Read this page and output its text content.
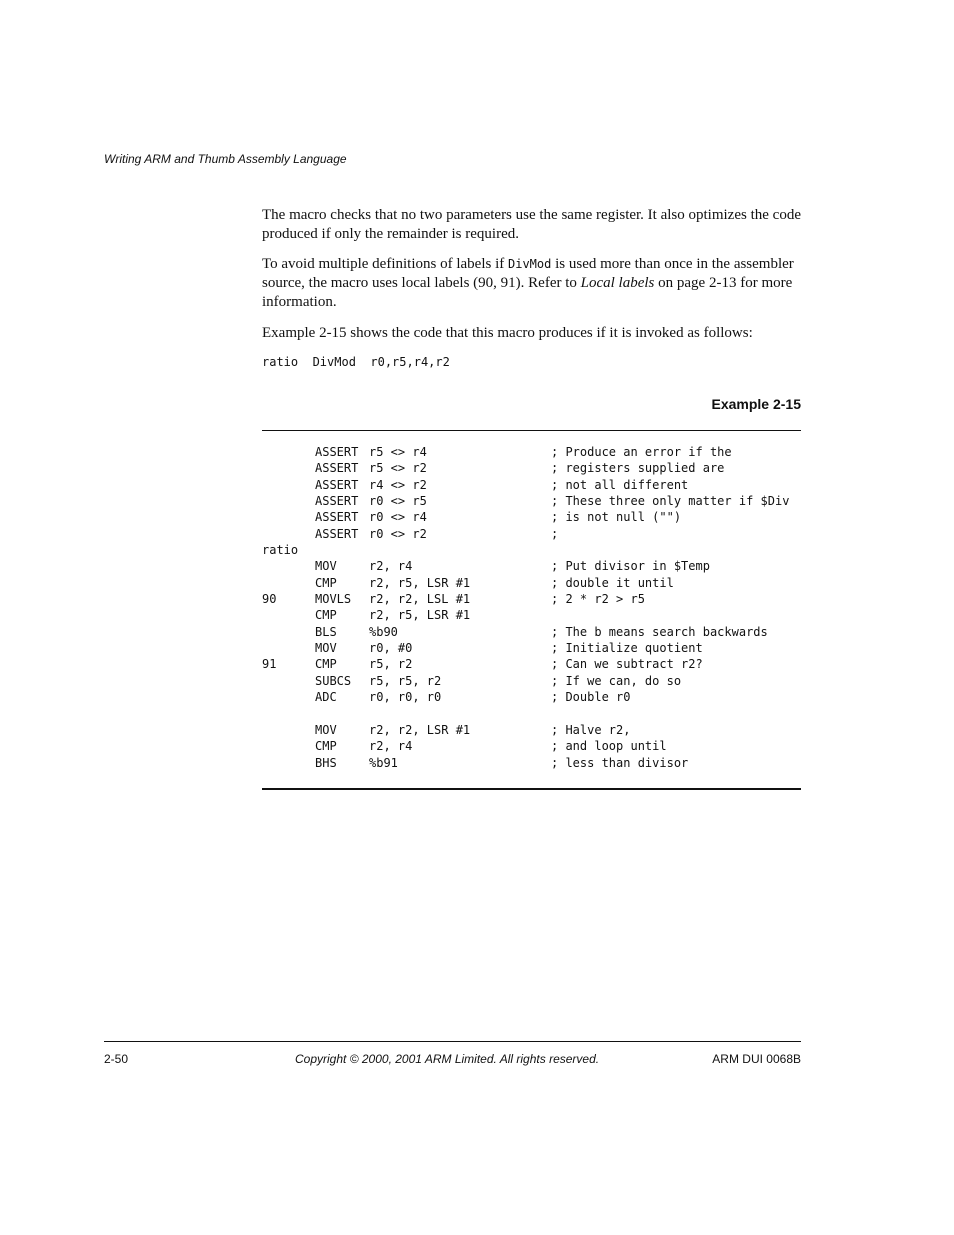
Writing ARM and Thumb Assembly Language
The macro checks that no two parameters use the same register. It also optimizes the code produced if only the remainder is required.
To avoid multiple definitions of labels if DivMod is used more than once in the assembler source, the macro uses local labels (90, 91). Refer to Local labels on page 2-13 for more information.
Example 2-15 shows the code that this macro produces if it is invoked as follows:
ratio  DivMod  r0,r5,r4,r2
Example 2-15
ASSERT r5 <> r4	; Produce an error if the
ASSERT r5 <> r2	; registers supplied are
ASSERT r4 <> r2	; not all different
ASSERT r0 <> r5	; These three only matter if $Div
ASSERT r0 <> r4	; is not null ("")
ASSERT r0 <> r2	;
ratio
MOV	r2, r4	; Put divisor in $Temp
CMP	r2, r5, LSR #1	; double it until
90	MOVLS r2, r2, LSL #1	; 2 * r2 > r5
CMP	r2, r5, LSR #1
BLS	%b90	; The b means search backwards
MOV	r0, #0	; Initialize quotient
91	CMP	r5, r2	; Can we subtract r2?
SUBCS r5, r5, r2	; If we can, do so
ADC	r0, r0, r0	; Double r0
MOV	r2, r2, LSR #1	; Halve r2,
CMP	r2, r4	; and loop until
BHS	%b91	; less than divisor
2-50	Copyright © 2000, 2001 ARM Limited. All rights reserved.	ARM DUI 0068B
